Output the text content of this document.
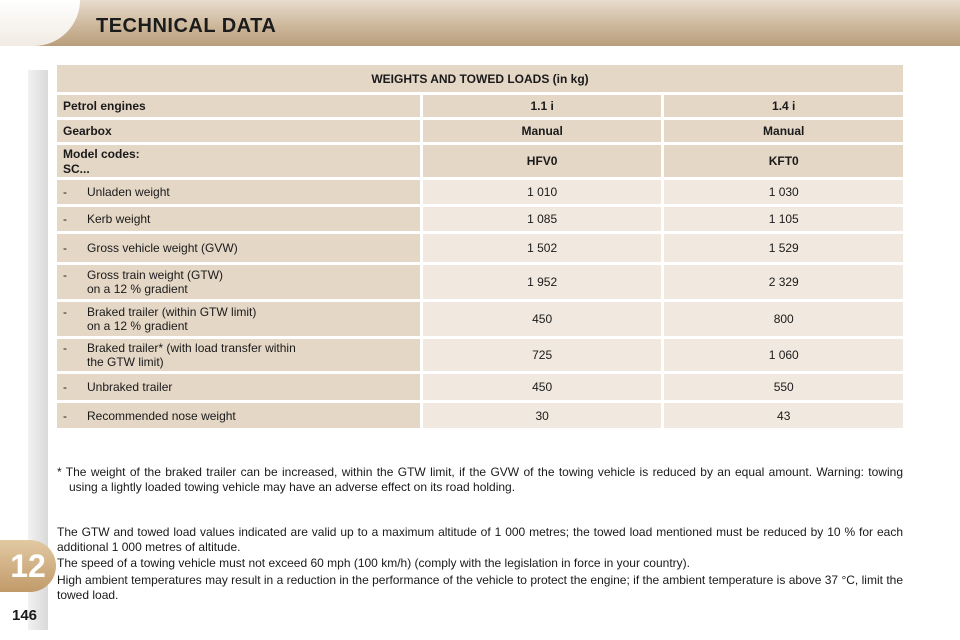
TECHNICAL DATA
12
146
WEIGHTS AND TOWED LOADS (in kg)		
Petrol engines	1.1 i	1.4 i
Gearbox	Manual	Manual

Model codes:
SC...	HFV0	KFT0
- Unladen weight	1 010	1 030
- Kerb weight	1 085	1 105
- Gross vehicle weight (GVW)	1 502	1 529

- Gross train weight (GTW)
on a 12 % gradient	1 952	2 329

- Braked trailer (within GTW limit)
on a 12 % gradient	450	800

- Braked trailer* (with load transfer within
the GTW limit)	725	1 060
- Unbraked trailer	450	550
- Recommended nose weight	30	43
* The weight of the braked trailer can be increased, within the GTW limit, if the GVW of the towing vehicle is reduced by an equal amount. Warning: towing using a lightly loaded towing vehicle may have an adverse effect on its road holding.
The GTW and towed load values indicated are valid up to a maximum altitude of 1 000 metres; the towed load mentioned must be reduced by 10 % for each additional 1 000 metres of altitude.
The speed of a towing vehicle must not exceed 60 mph (100 km/h) (comply with the legislation in force in your country).
High ambient temperatures may result in a reduction in the performance of the vehicle to protect the engine; if the ambient temperature is above 37 °C, limit the towed load.
